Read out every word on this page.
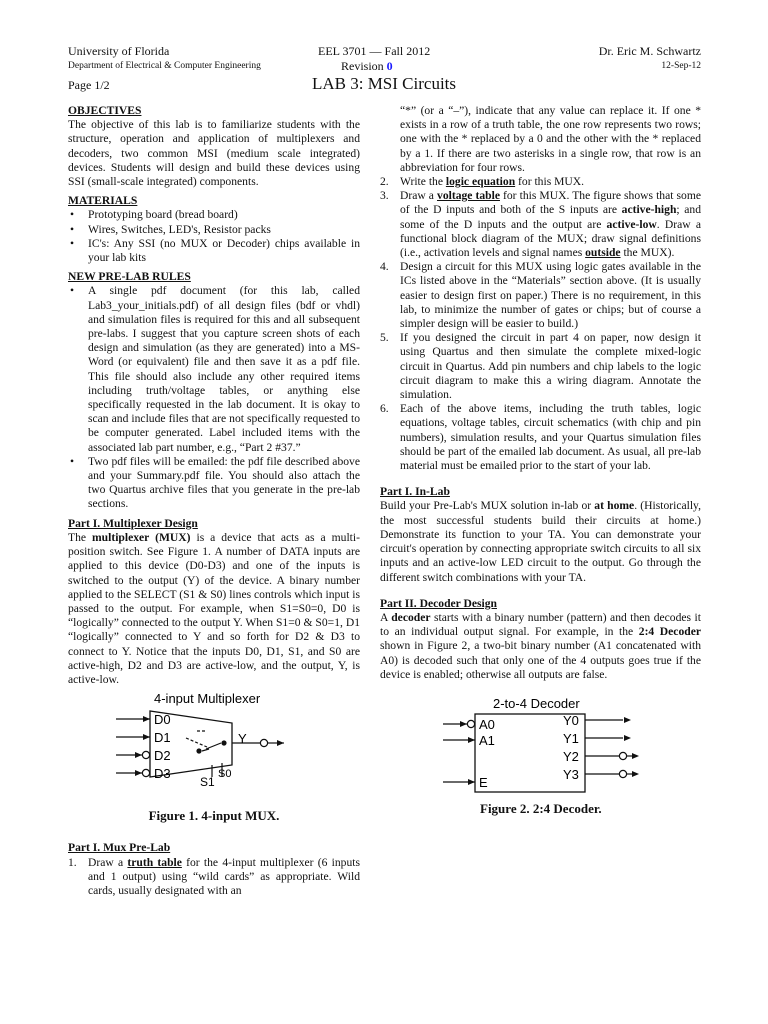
University of Florida
Department of Electrical & Computer Engineering
Page 1/2
EEL 3701 — Fall 2012
Revision 0
LAB 3: MSI Circuits
Dr. Eric M. Schwartz
12-Sep-12
OBJECTIVES

The objective of this lab is to familiarize students with the structure, operation and application of multiplexers and decoders, two common MSI (medium scale integrated) devices. Students will design and build these devices using SSI (small-scale integrated) components.

MATERIALS
• Prototyping board (bread board)
• Wires, Switches, LED's, Resistor packs
• IC's: Any SSI (no MUX or Decoder) chips available in your lab kits
NEW PRE-LAB RULES
• A single pdf document (for this lab, called Lab3_your_initials.pdf) of all design files (bdf or vhdl) and simulation files is required for this and all subsequent pre-labs. I suggest that you capture screen shots of each design and simulation (as they are generated) into a MS-Word (or equivalent) file and then save it as a pdf file. This file should also include any other required items including truth/voltage tables, or anything else specifically requested in the lab document. It is okay to scan and include files that are not specifically requested to be computer generated. Label included items with the associated lab part number, e.g., “Part 2 #37.”
• Two pdf files will be emailed: the pdf file described above and your Summary.pdf file. You should also attach the two Quartus archive files that you generate in the pre-lab sections.
Part I. Multiplexer Design

The multiplexer (MUX) is a device that acts as a multi-position switch. See Figure 1. A number of DATA inputs are applied to this device (D0-D3) and one of the inputs is switched to the output (Y) of the device. A binary number applied to the SELECT (S1 & S0) lines controls which input is passed to the output. For example, when S1=S0=0, D0 is “logically” connected to the output Y. When S1=0 & S0=1, D1 “logically” connected to Y and so forth for D2 & D3 to connect to Y. Notice that the inputs D0, D1, S1, and S0 are active-high, D2 and D3 are active-low, and the output, Y, is active-low.

4-input Multiplexer
D0
D1
D2
D3
S1
S0
Y
Figure 1. 4-input MUX.
Part I. Mux Pre-Lab
1. Draw a truth table for the 4-input multiplexer (6 inputs and 1 output) using “wild cards” as appropriate. Wild cards, usually designated with an

“*” (or a “–”), indicate that any value can replace it. If one * exists in a row of a truth table, the one row represents two rows; one with the * replaced by a 0 and the other with the * replaced by a 1. If there are two asterisks in a single row, that row is an abbreviation for four rows.

2. Write the logic equation for this MUX.
3. Draw a voltage table for this MUX. The figure shows that some of the D inputs and both of the S inputs are active-high; and some of the D inputs and the output are active-low. Draw a functional block diagram of the MUX; draw signal definitions (i.e., activation levels and signal names outside the MUX).
4. Design a circuit for this MUX using logic gates available in the ICs listed above in the “Materials” section above. (It is usually easier to design first on paper.) There is no requirement, in this lab, to minimize the number of gates or chips; but of course a simpler design will be easier to build.)
5. If you designed the circuit in part 4 on paper, now design it using Quartus and then simulate the complete mixed-logic circuit in Quartus. Add pin numbers and chip labels to the logic circuit diagram to make this a wiring diagram. Annotate the simulation.
6. Each of the above items, including the truth tables, logic equations, voltage tables, circuit schematics (with chip and pin numbers), simulation results, and your Quartus simulation files should be part of the emailed lab document. As usual, all pre-lab material must be emailed prior to the start of your lab.
Part I. In-Lab

Build your Pre-Lab's MUX solution in-lab or at home. (Historically, the most successful students build their circuits at home.) Demonstrate its function to your TA. You can demonstrate your circuit's operation by connecting appropriate switch circuits to all six inputs and an active-low LED circuit to the output. Go through the different switch combinations with your TA.

Part II. Decoder Design

A decoder starts with a binary number (pattern) and then decodes it to an individual output signal. For example, in the 2:4 Decoder shown in Figure 2, a two-bit binary number (A1 concatenated with A0) is decoded such that only one of the 4 outputs goes true if the device is enabled; otherwise all outputs are false.

2-to-4 Decoder
A0
A1
E
Y0
Y1
Y2
Y3
Figure 2. 2:4 Decoder.
